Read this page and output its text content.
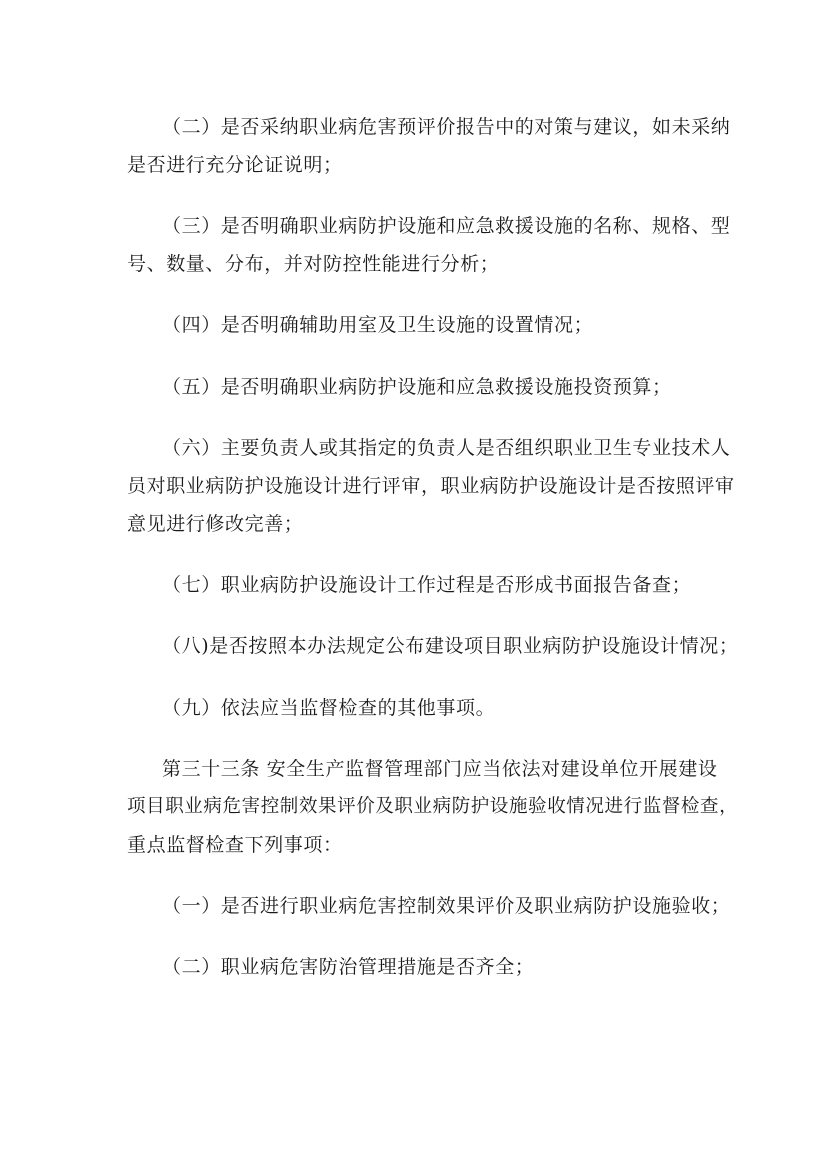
（二）是否采纳职业病危害预评价报告中的对策与建议，如未采纳
是否进行充分论证说明；
（三）是否明确职业病防护设施和应急救援设施的名称、规格、型
号、数量、分布，并对防控性能进行分析；
（四）是否明确辅助用室及卫生设施的设置情况；
（五）是否明确职业病防护设施和应急救援设施投资预算；
（六）主要负责人或其指定的负责人是否组织职业卫生专业技术人
员对职业病防护设施设计进行评审，职业病防护设施设计是否按照评审
意见进行修改完善；
（七）职业病防护设施设计工作过程是否形成书面报告备查；
（八)是否按照本办法规定公布建设项目职业病防护设施设计情况；
（九）依法应当监督检查的其他事项。
第三十三条 安全生产监督管理部门应当依法对建设单位开展建设
项目职业病危害控制效果评价及职业病防护设施验收情况进行监督检查，
重点监督检查下列事项：
（一）是否进行职业病危害控制效果评价及职业病防护设施验收；
（二）职业病危害防治管理措施是否齐全；
